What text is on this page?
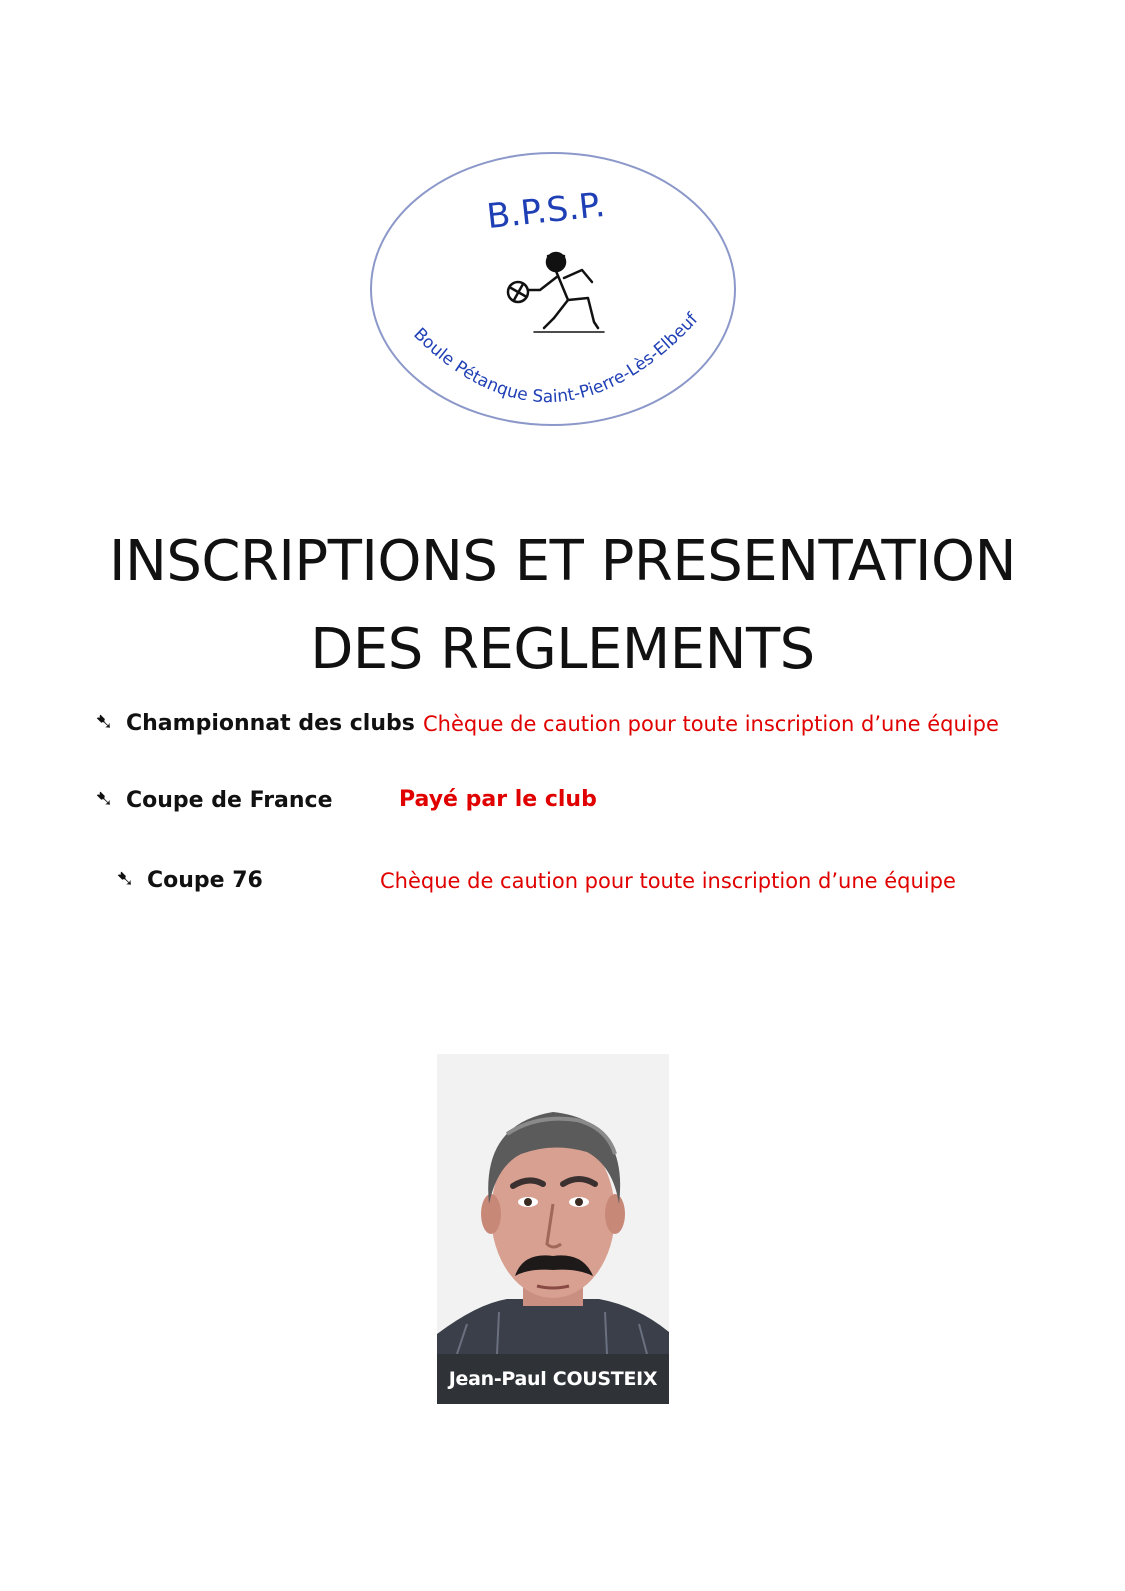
B.P.S.P.
Boule Pétanque Saint-Pierre-Lès-Elbeuf
INSCRIPTIONS ET PRESENTATION
DES REGLEMENTS
➷ Championnat des clubs Chèque de caution pour toute inscription d’une équipe
➷ Coupe de France	Payé par le club
➷ Coupe 76	Chèque de caution pour toute inscription d’une équipe
Jean-Paul COUSTEIX
